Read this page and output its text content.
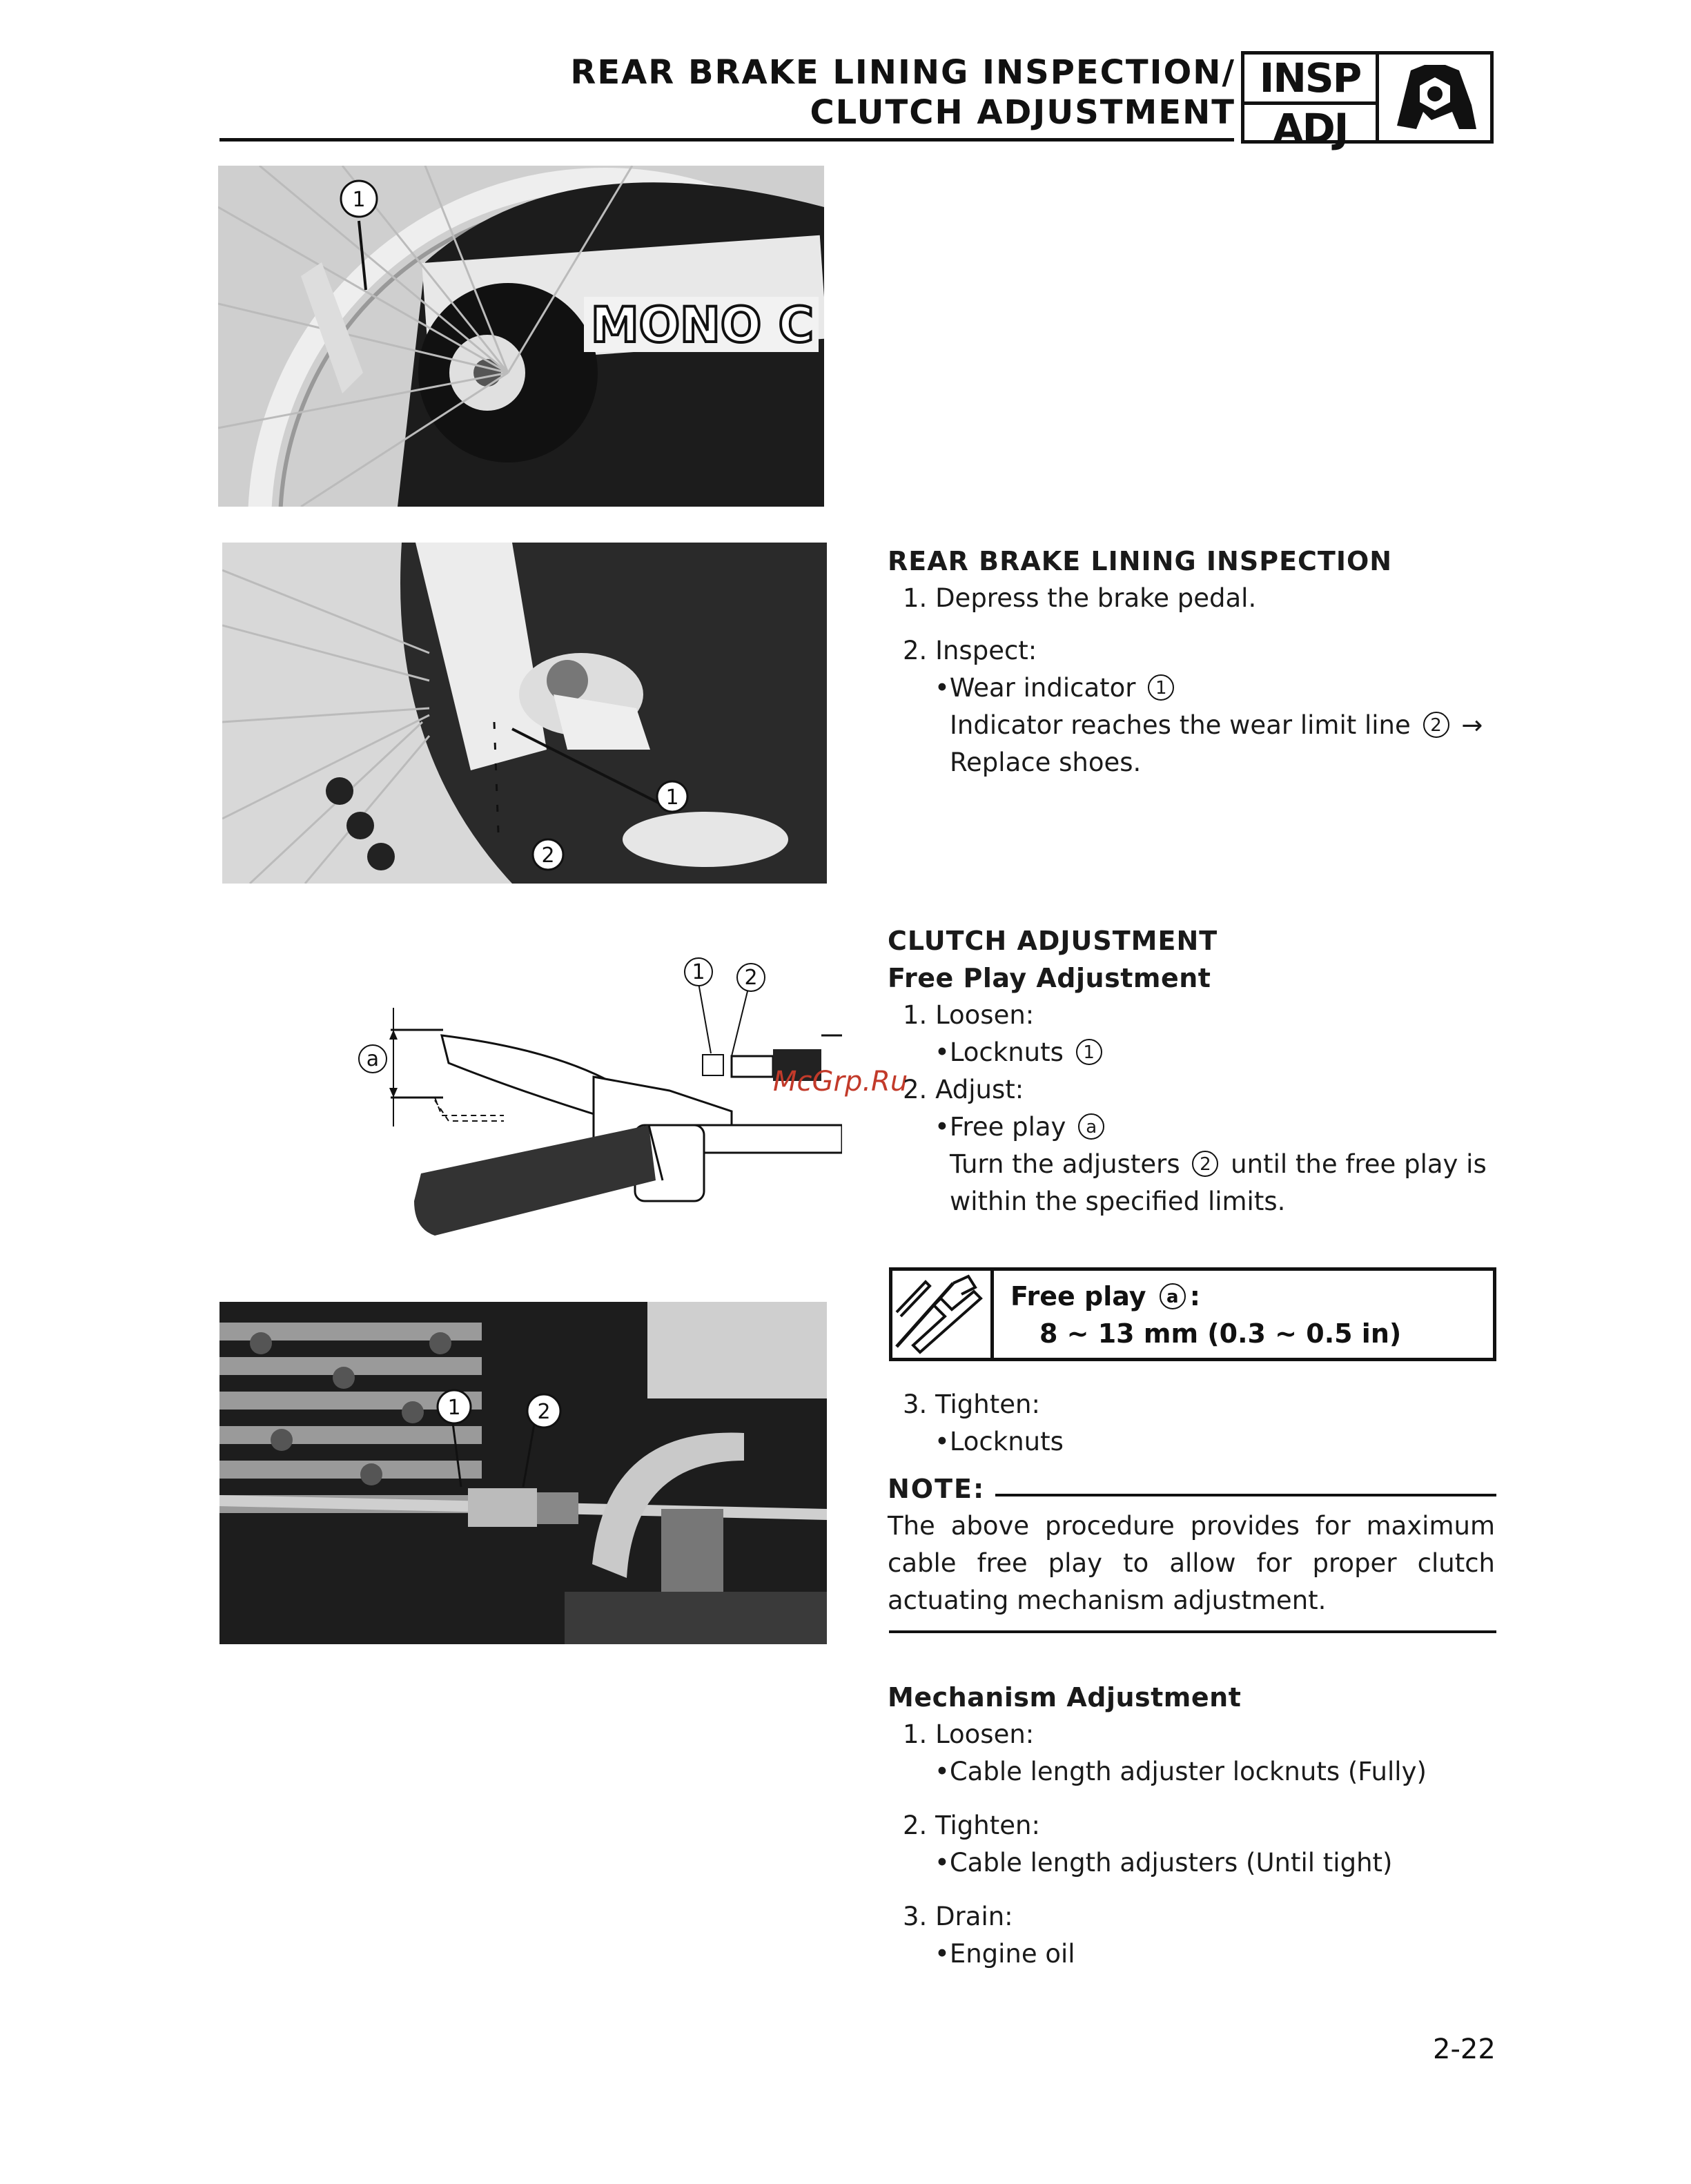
REAR BRAKE LINING INSPECTION/
CLUTCH ADJUSTMENT
INSP
ADJ
MONO C
1
1
2
a
1 2
1	2
McGrp.Ru
REAR BRAKE LINING INSPECTION
1. Depress the brake pedal.
2. Inspect:
•Wear indicator 1
Indicator reaches the wear limit line 2 →
Replace shoes.
CLUTCH ADJUSTMENT
Free Play Adjustment
1. Loosen:
•Locknuts 1
2. Adjust:
•Free play a
Turn the adjusters 2 until the free play is
within the specified limits.
Free play a :
8 ~ 13 mm (0.3 ~ 0.5 in)
3. Tighten:
•Locknuts
NOTE:
The above procedure provides for maximum cable free play to allow for proper clutch actuating mechanism adjustment.
Mechanism Adjustment
1. Loosen:
•Cable length adjuster locknuts (Fully)
2. Tighten:
•Cable length adjusters (Until tight)
3. Drain:
•Engine oil
2-22
